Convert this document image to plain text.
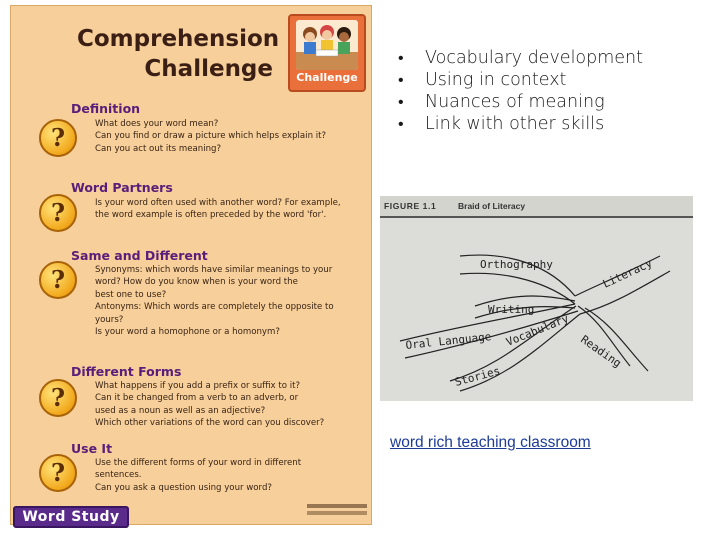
Comprehension
Challenge	Challenge
?
Definition
What does your word mean?
Can you find or draw a picture which helps explain it?
Can you act out its meaning?
?
Word Partners
Is your word often used with another word? For example,
the word example is often preceded by the word 'for'.
?
Same and Different
Synonyms: which words have similar meanings to your
word? How do you know when is your word the
best one to use?
Antonyms: Which words are completely the opposite to
yours?
Is your word a homophone or a homonym?
?
Different Forms
What happens if you add a prefix or suffix to it?
Can it be changed from a verb to an adverb, or
used as a noun as well as an adjective?
Which other variations of the word can you discover?
?
Use It
Use the different forms of your word in different
sentences.
Can you ask a question using your word?
Word Study
• Vocabulary development
• Using in context
• Nuances of meaning
• Link with other skills
FIGURE 1.1	Braid of Literacy
Orthography	Literacy
Writing
Vocabulary
Oral Language	Reading
Stories
word rich teaching classroom
